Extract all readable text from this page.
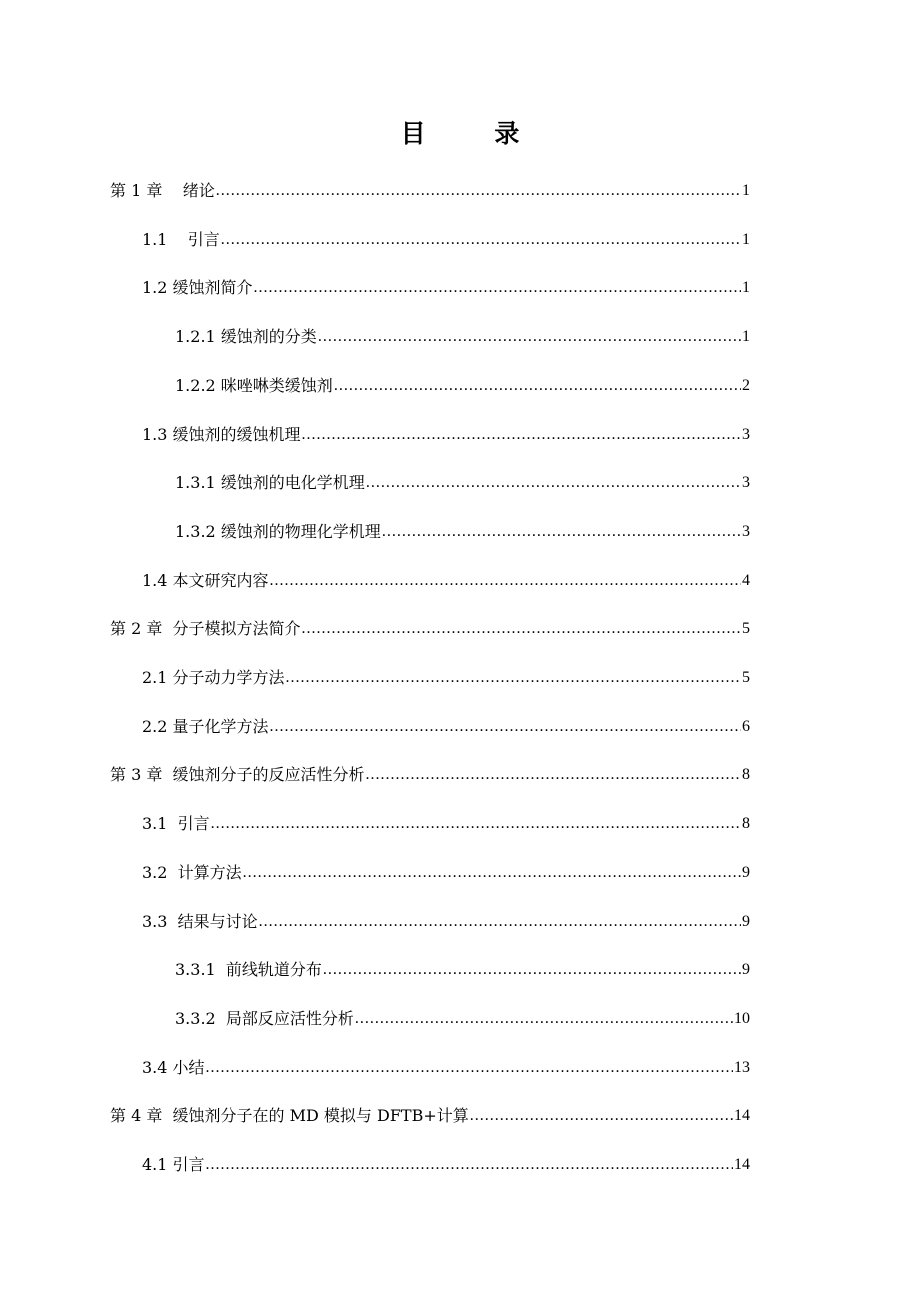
目 录
第 1 章    绪论 .....	1
1.1    引言 .....	1
1.2 缓蚀剂简介 .....	1
1.2.1 缓蚀剂的分类 .....	1
1.2.2 咪唑啉类缓蚀剂 .....	2
1.3 缓蚀剂的缓蚀机理 .....	3
1.3.1 缓蚀剂的电化学机理 .....	3
1.3.2 缓蚀剂的物理化学机理 .....	3
1.4 本文研究内容 .....	4
第 2 章  分子模拟方法简介 .....	5
2.1 分子动力学方法 .....	5
2.2 量子化学方法 .....	6
第 3 章  缓蚀剂分子的反应活性分析 .....	8
3.1  引言 .....	8
3.2  计算方法 .....	9
3.3  结果与讨论 .....	9
3.3.1  前线轨道分布 .....	9
3.3.2  局部反应活性分析 .....	10
3.4 小结 .....	13
第 4 章  缓蚀剂分子在的 MD 模拟与 DFTB+计算 .....	14
4.1 引言 .....	14
